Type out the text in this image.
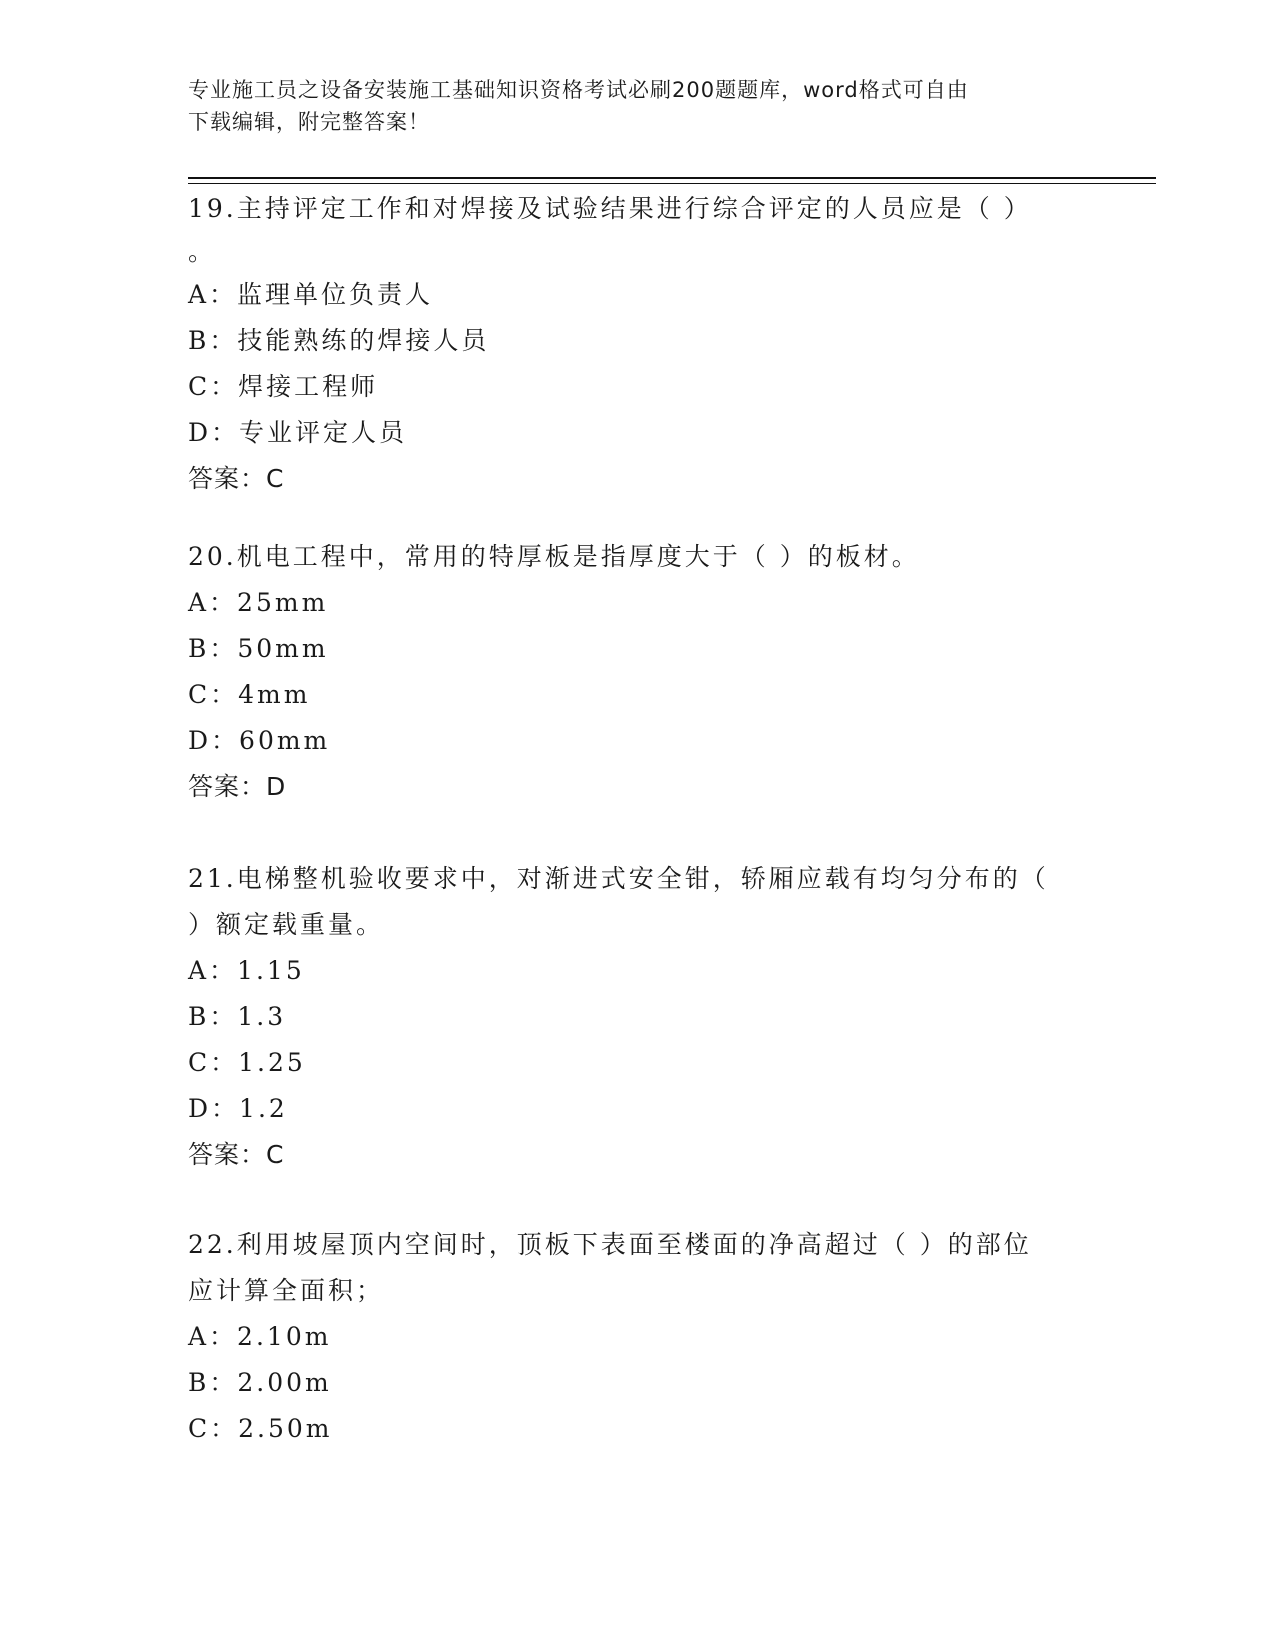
专业施工员之设备安装施工基础知识资格考试必刷200题题库，word格式可自由
下载编辑，附完整答案！
19.主持评定工作和对焊接及试验结果进行综合评定的人员应是（ ）
。
A：监理单位负责人
B：技能熟练的焊接人员
C：焊接工程师
D：专业评定人员
答案：C
20.机电工程中，常用的特厚板是指厚度大于（ ）的板材。
A：25mm
B：50mm
C：4mm
D：60mm
答案：D
21.电梯整机验收要求中，对渐进式安全钳，轿厢应载有均匀分布的（
）额定载重量。
A：1.15
B：1.3
C：1.25
D：1.2
答案：C
22.利用坡屋顶内空间时，顶板下表面至楼面的净高超过（ ）的部位
应计算全面积；
A：2.10m
B：2.00m
C：2.50m
